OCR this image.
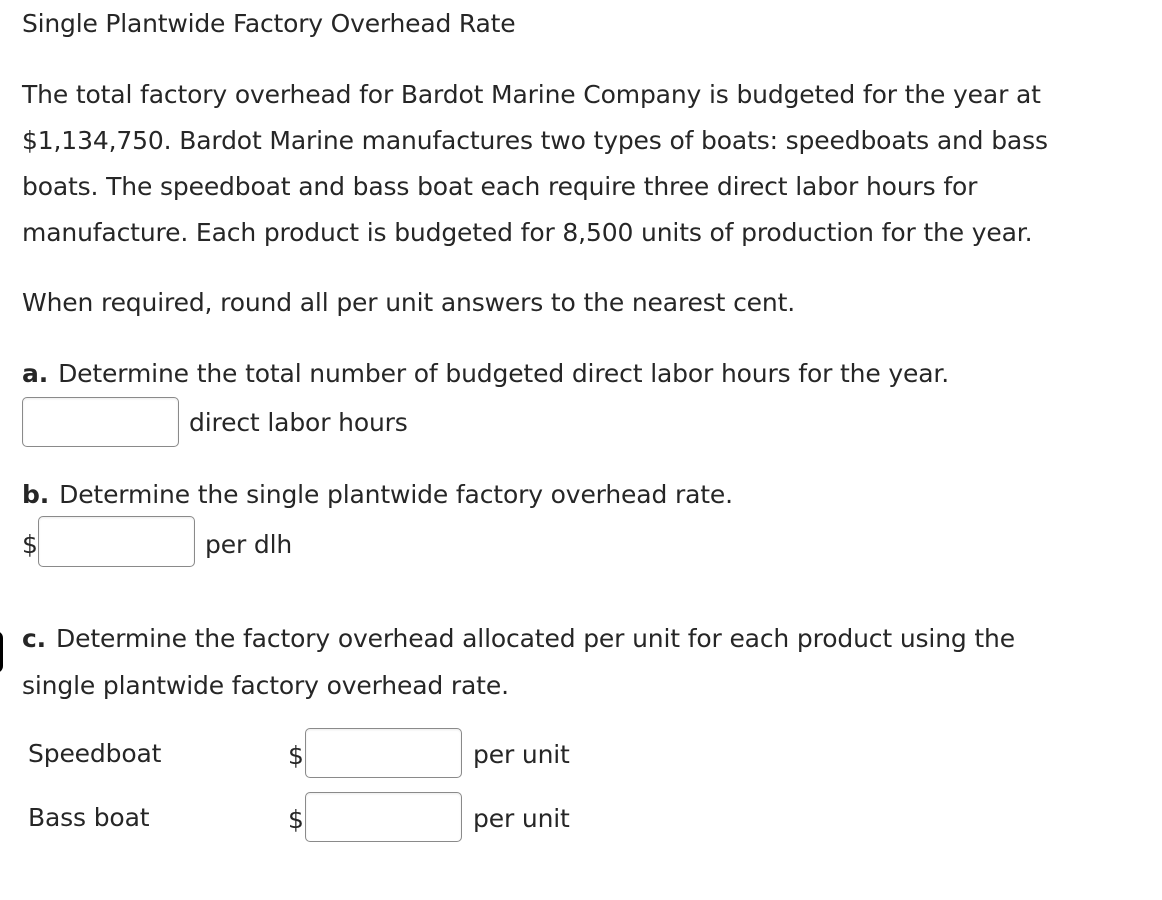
Single Plantwide Factory Overhead Rate
The total factory overhead for Bardot Marine Company is budgeted for the year at
$1,134,750. Bardot Marine manufactures two types of boats: speedboats and bass
boats. The speedboat and bass boat each require three direct labor hours for
manufacture. Each product is budgeted for 8,500 units of production for the year.
When required, round all per unit answers to the nearest cent.
a. Determine the total number of budgeted direct labor hours for the year.
direct labor hours
b. Determine the single plantwide factory overhead rate.
$	per dlh
c. Determine the factory overhead allocated per unit for each product using the
single plantwide factory overhead rate.
Speedboat	$	per unit
Bass boat	$	per unit
